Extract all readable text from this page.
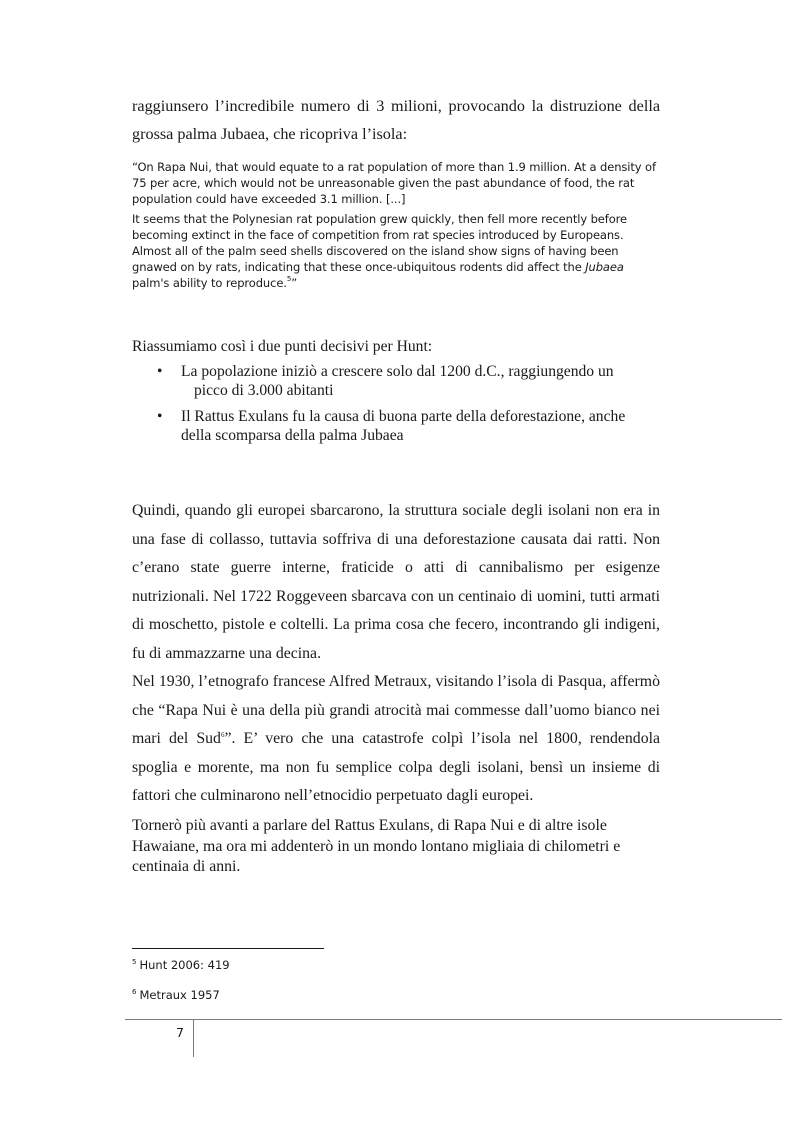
raggiunsero l’incredibile numero di 3 milioni, provocando la distruzione della
grossa palma Jubaea, che ricopriva l’isola:

“On Rapa Nui, that would equate to a rat population of more than 1.9 million. At a density of 75 per acre, which would not be unreasonable given the past abundance of food, the rat population could have exceeded 3.1 million. [...]

It seems that the Polynesian rat population grew quickly, then fell more recently before becoming extinct in the face of competition from rat species introduced by Europeans. Almost all of the palm seed shells discovered on the island show signs of having been gnawed on by rats, indicating that these once-ubiquitous rodents did affect the Jubaea palm's ability to reproduce.$^5$”

Riassumiamo così i due punti decisivi per Hunt:
• La popolazione iniziò a crescere solo dal 1200 d.C., raggiungendo un
picco di 3.000 abitanti
• Il Rattus Exulans fu la causa di buona parte della deforestazione, anche
della scomparsa della palma Jubaea

Quindi, quando gli europei sbarcarono, la struttura sociale degli isolani non era in una fase di collasso, tuttavia soffriva di una deforestazione causata dai ratti. Non c’erano state guerre interne, fraticide o atti di cannibalismo per esigenze nutrizionali. Nel 1722 Roggeveen sbarcava con un centinaio di uomini, tutti armati di moschetto, pistole e coltelli. La prima cosa che fecero, incontrando gli indigeni, fu di ammazzarne una decina.

Nel 1930, l’etnografo francese Alfred Metraux, visitando l’isola di Pasqua, affermò che “Rapa Nui è una della più grandi atrocità mai commesse dall’uomo bianco nei mari del Sud$^6$”. E’ vero che una catastrofe colpì l’isola nel 1800, rendendola spoglia e morente, ma non fu semplice colpa degli isolani, bensì un insieme di fattori che culminarono nell’etnocidio perpetuato dagli europei.

Tornerò più avanti a parlare del Rattus Exulans, di Rapa Nui e di altre isole Hawaiane, ma ora mi addenterò in un mondo lontano migliaia di chilometri e centinaia di anni.

$^5$ Hunt 2006: 419
$^6$ Metraux 1957
7
